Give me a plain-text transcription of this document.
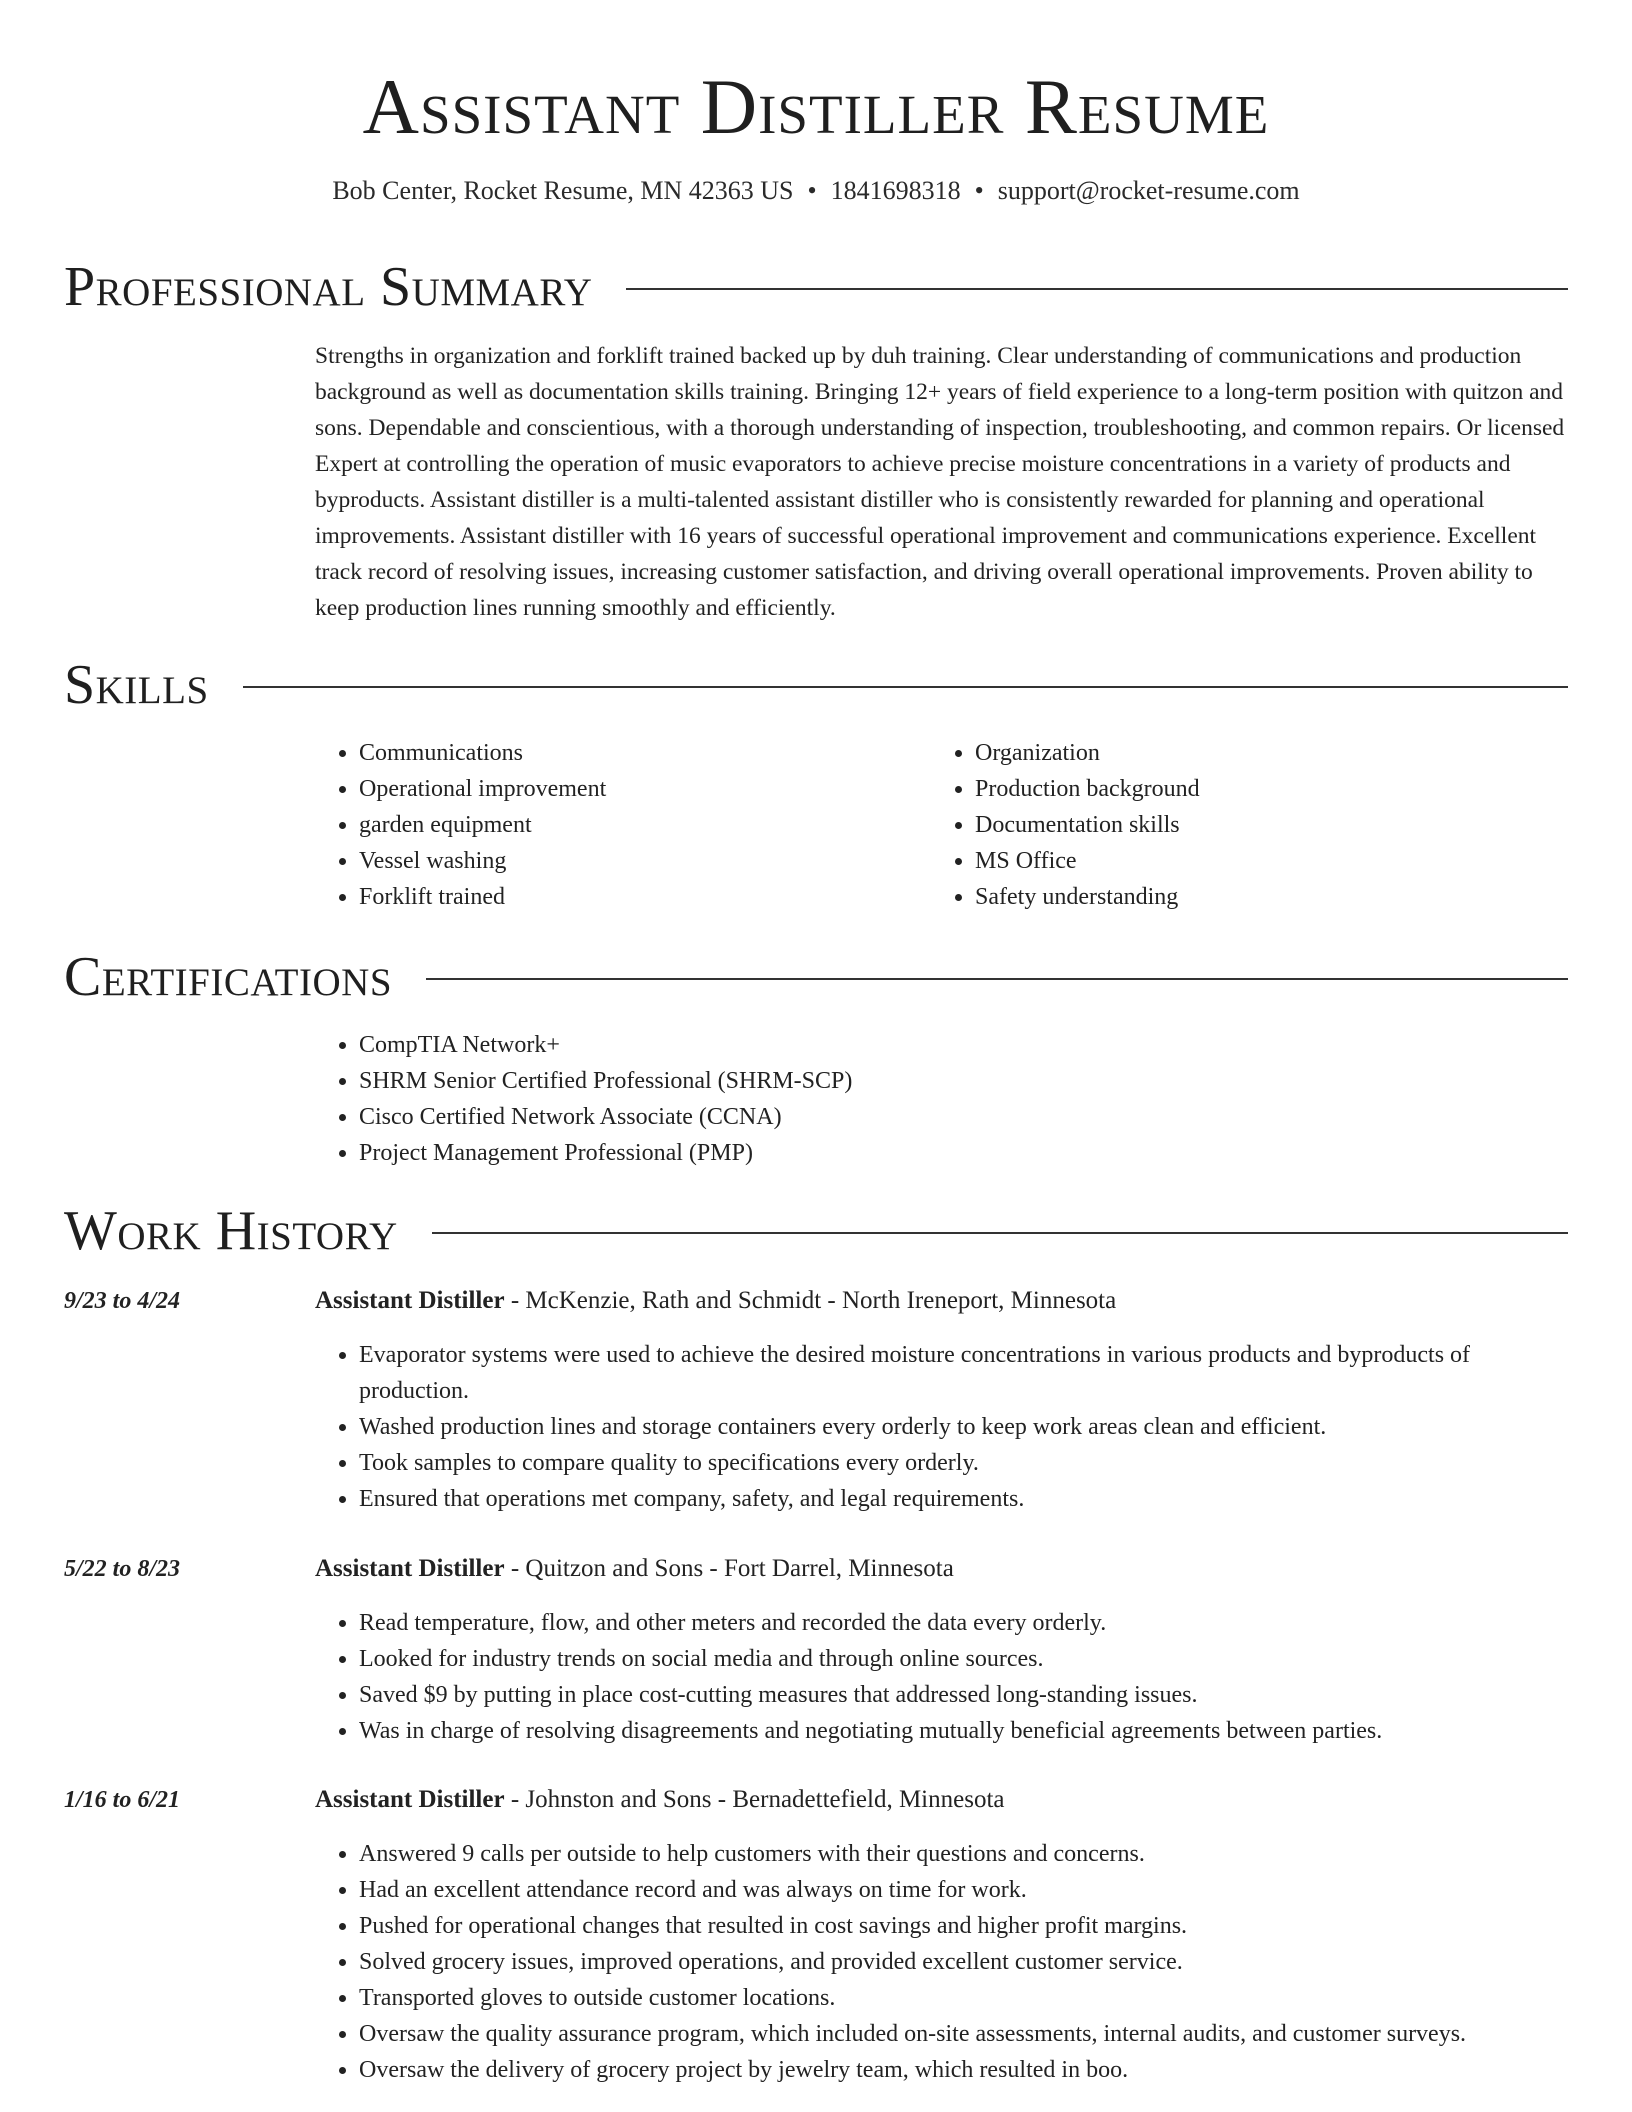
Assistant Distiller Resume
Bob Center, Rocket Resume, MN 42363 US • 1841698318 • support@rocket-resume.com
Professional Summary

Strengths in organization and forklift trained backed up by duh training. Clear understanding of communications and production background as well as documentation skills training. Bringing 12+ years of field experience to a long-term position with quitzon and sons. Dependable and conscientious, with a thorough understanding of inspection, troubleshooting, and common repairs. Or licensed Expert at controlling the operation of music evaporators to achieve precise moisture concentrations in a variety of products and byproducts. Assistant distiller is a multi-talented assistant distiller who is consistently rewarded for planning and operational improvements. Assistant distiller with 16 years of successful operational improvement and communications experience. Excellent track record of resolving issues, increasing customer satisfaction, and driving overall operational improvements. Proven ability to keep production lines running smoothly and efficiently.

Skills
• Communications
• Operational improvement
• garden equipment
• Vessel washing
• Forklift trained
• Organization
• Production background
• Documentation skills
• MS Office
• Safety understanding
Certifications
• CompTIA Network+
• SHRM Senior Certified Professional (SHRM-SCP)
• Cisco Certified Network Associate (CCNA)
• Project Management Professional (PMP)
Work History
9/23 to 4/24	Assistant Distiller - McKenzie, Rath and Schmidt - North Ireneport, Minnesota
• Evaporator systems were used to achieve the desired moisture concentrations in various products and byproducts of production.
• Washed production lines and storage containers every orderly to keep work areas clean and efficient.
• Took samples to compare quality to specifications every orderly.
• Ensured that operations met company, safety, and legal requirements.
5/22 to 8/23	Assistant Distiller - Quitzon and Sons - Fort Darrel, Minnesota
• Read temperature, flow, and other meters and recorded the data every orderly.
• Looked for industry trends on social media and through online sources.
• Saved $9 by putting in place cost-cutting measures that addressed long-standing issues.
• Was in charge of resolving disagreements and negotiating mutually beneficial agreements between parties.
1/16 to 6/21	Assistant Distiller - Johnston and Sons - Bernadettefield, Minnesota
• Answered 9 calls per outside to help customers with their questions and concerns.
• Had an excellent attendance record and was always on time for work.
• Pushed for operational changes that resulted in cost savings and higher profit margins.
• Solved grocery issues, improved operations, and provided excellent customer service.
• Transported gloves to outside customer locations.
• Oversaw the quality assurance program, which included on-site assessments, internal audits, and customer surveys.
• Oversaw the delivery of grocery project by jewelry team, which resulted in boo.
